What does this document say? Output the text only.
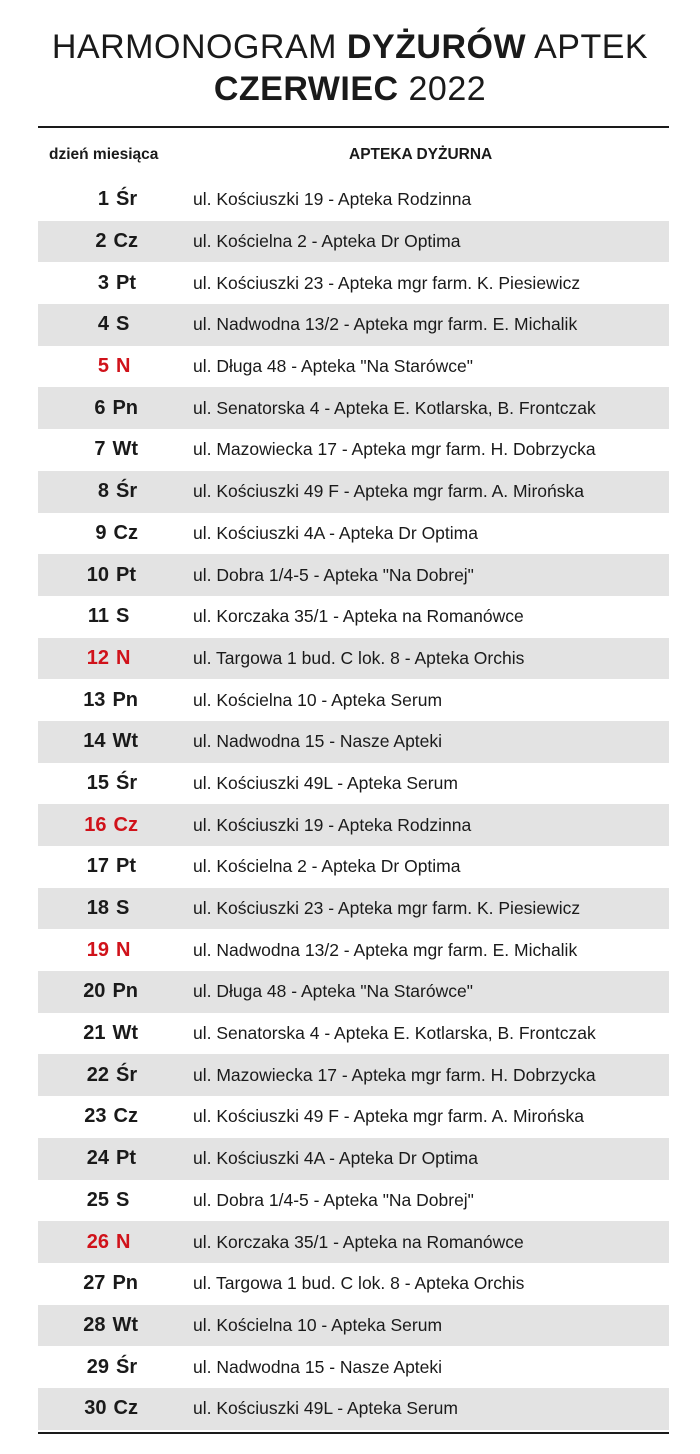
HARMONOGRAM DYŻURÓW APTEK
CZERWIEC 2022
dzień miesiąca	APTEKA DYŻURNA
1 Śr	ul. Kościuszki 19 - Apteka Rodzinna
2 Cz	ul. Kościelna 2 - Apteka Dr Optima
3 Pt	ul. Kościuszki 23 - Apteka mgr farm. K. Piesiewicz
4 S	ul. Nadwodna 13/2 - Apteka mgr farm. E. Michalik
5 N	ul. Długa 48 - Apteka "Na Starówce"
6 Pn	ul. Senatorska 4 - Apteka E. Kotlarska, B. Frontczak
7 Wt	ul. Mazowiecka 17 - Apteka mgr farm. H. Dobrzycka
8 Śr	ul. Kościuszki 49 F - Apteka mgr farm. A. Mirońska
9 Cz	ul. Kościuszki 4A - Apteka Dr Optima
10 Pt	ul. Dobra 1/4-5 - Apteka "Na Dobrej"
11 S	ul. Korczaka 35/1 - Apteka na Romanówce
12 N	ul. Targowa 1 bud. C lok. 8 - Apteka Orchis
13 Pn	ul. Kościelna 10 - Apteka Serum
14 Wt	ul. Nadwodna 15 - Nasze Apteki
15 Śr	ul. Kościuszki 49L - Apteka Serum
16 Cz	ul. Kościuszki 19 - Apteka Rodzinna
17 Pt	ul. Kościelna 2 - Apteka Dr Optima
18 S	ul. Kościuszki 23 - Apteka mgr farm. K. Piesiewicz
19 N	ul. Nadwodna 13/2 - Apteka mgr farm. E. Michalik
20 Pn	ul. Długa 48 - Apteka "Na Starówce"
21 Wt	ul. Senatorska 4 - Apteka E. Kotlarska, B. Frontczak
22 Śr	ul. Mazowiecka 17 - Apteka mgr farm. H. Dobrzycka
23 Cz	ul. Kościuszki 49 F - Apteka mgr farm. A. Mirońska
24 Pt	ul. Kościuszki 4A - Apteka Dr Optima
25 S	ul. Dobra 1/4-5 - Apteka "Na Dobrej"
26 N	ul. Korczaka 35/1 - Apteka na Romanówce
27 Pn	ul. Targowa 1 bud. C lok. 8 - Apteka Orchis
28 Wt	ul. Kościelna 10 - Apteka Serum
29 Śr	ul. Nadwodna 15 - Nasze Apteki
30 Cz	ul. Kościuszki 49L - Apteka Serum
